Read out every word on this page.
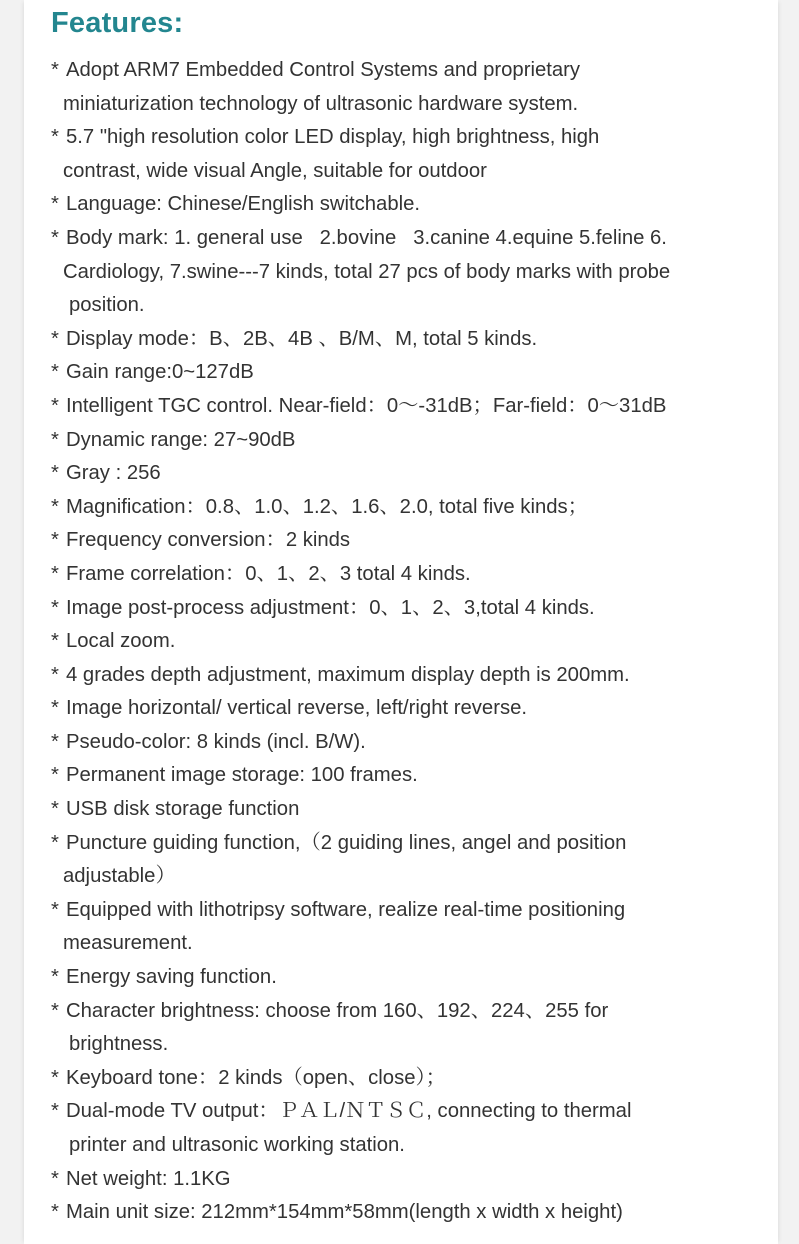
Features:
* Adopt ARM7 Embedded Control Systems and proprietary
miniaturization technology of ultrasonic hardware system.
* 5.7 "high resolution color LED display, high brightness, high
contrast, wide visual Angle, suitable for outdoor
* Language: Chinese/English switchable.
* Body mark: 1. general use   2.bovine   3.canine 4.equine 5.feline 6.
Cardiology, 7.swine---7 kinds, total 27 pcs of body marks with probe
position.
* Display mode：B、2B、4B 、B/M、M, total 5 kinds.
* Gain range:0~127dB
* Intelligent TGC control. Near-field：0〜-31dB；Far-field：0〜31dB
* Dynamic range: 27~90dB
* Gray : 256
* Magnification：0.8、1.0、1.2、1.6、2.0, total five kinds；
* Frequency conversion：2 kinds
* Frame correlation：0、1、2、3 total 4 kinds.
* Image post-process adjustment：0、1、2、3,total 4 kinds.
* Local zoom.
* 4 grades depth adjustment, maximum display depth is 200mm.
* Image horizontal/ vertical reverse, left/right reverse.
* Pseudo-color: 8 kinds (incl. B/W).
* Permanent image storage: 100 frames.
* USB disk storage function
* Puncture guiding function,（2 guiding lines, angel and position
adjustable）
* Equipped with lithotripsy software, realize real-time positioning
measurement.
* Energy saving function.
* Character brightness: choose from 160、192、224、255 for
brightness.
* Keyboard tone：2 kinds（open、close）；
* Dual-mode TV output：ＰＡＬ/ＮＴＳＣ, connecting to thermal
printer and ultrasonic working station.
* Net weight: 1.1KG
* Main unit size: 212mm*154mm*58mm(length x width x height)
